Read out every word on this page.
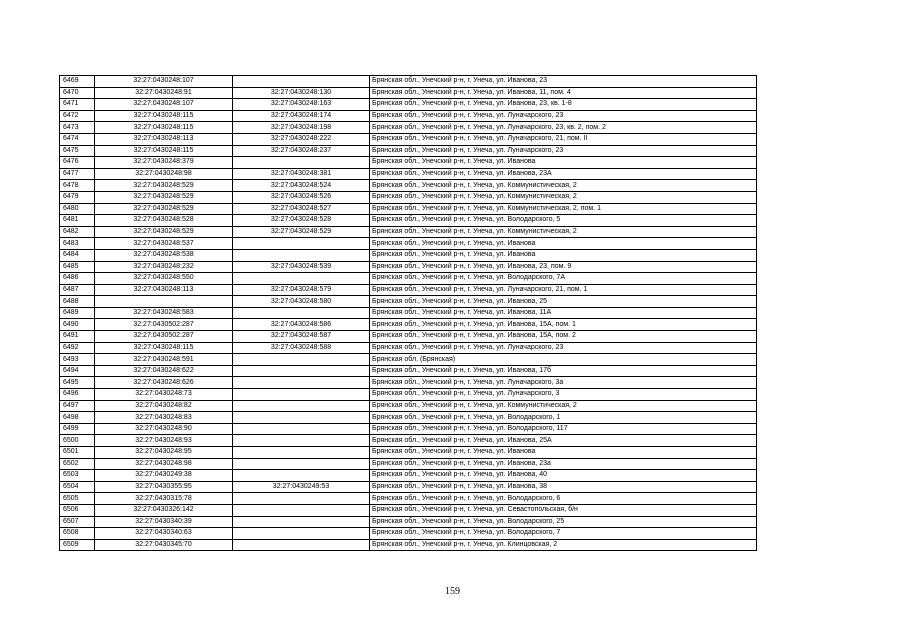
6469	32:27:0430248:107		Брянская обл., Унечский р-н, г. Унеча, ул. Иванова, 23
6470	32:27:0430248:91	32:27:0430248:130	Брянская обл., Унечский р-н, г. Унеча, ул. Иванова, 11, пом. 4
6471	32:27:0430248:107	32:27:0430248:163	Брянская обл., Унечский р-н, г. Унеча, ул. Иванова, 23, кв. 1-8
6472	32:27:0430248:115	32:27:0430248:174	Брянская обл., Унечский р-н, г. Унеча, ул. Луначарского, 23
6473	32:27:0430248:115	32:27:0430248:198	Брянская обл., Унечский р-н, г. Унеча, ул. Луначарского, 23, кв. 2, пом. 2
6474	32:27:0430248:113	32:27:0430248:222	Брянская обл., Унечский р-н, г. Унеча, ул. Луначарского, 21, пом. II
6475	32:27:0430248:115	32:27:0430248:237	Брянская обл., Унечский р-н, г. Унеча, ул. Луначарского, 23
6476	32:27:0430248:379		Брянская обл., Унечский р-н, г. Унеча, ул. Иванова
6477	32:27:0430248:98	32:27:0430248:381	Брянская обл., Унечский р-н, г. Унеча, ул. Иванова, 23А
6478	32:27:0430248:529	32:27:0430248:524	Брянская обл., Унечский р-н, г. Унеча, ул. Коммунистическая, 2
6479	32:27:0430248:529	32:27:0430248:526	Брянская обл., Унечский р-н, г. Унеча, ул. Коммунистическая, 2
6480	32:27:0430248:529	32:27:0430248:527	Брянская обл., Унечский р-н, г. Унеча, ул. Коммунистическая, 2, пом. 1
6481	32:27:0430248:528	32:27:0430248:528	Брянская обл., Унечский р-н, г. Унеча, ул. Володарского, 5
6482	32:27:0430248:529	32:27:0430248:529	Брянская обл., Унечский р-н, г. Унеча, ул. Коммунистическая, 2
6483	32:27:0430248:537		Брянская обл., Унечский р-н, г. Унеча, ул. Иванова
6484	32:27:0430248:538		Брянская обл., Унечский р-н, г. Унеча, ул. Иванова
6485	32:27:0430248:232	32:27:0430248:539	Брянская обл., Унечский р-н, г. Унеча, ул. Иванова, 23, пом. 9
6486	32:27:0430248:550		Брянская обл., Унечский р-н, г. Унеча, ул. Володарского, 7А
6487	32:27:0430248:113	32:27:0430248:579	Брянская обл., Унечский р-н, г. Унеча, ул. Луначарского, 21, пом. 1
6488		32:27:0430248:580	Брянская обл., Унечский р-н, г. Унеча, ул. Иванова, 25
6489	32:27:0430248:583		Брянская обл., Унечский р-н, г. Унеча, ул. Иванова, 11А
6490	32:27:0430502:287	32:27:0430248:586	Брянская обл., Унечский р-н, г. Унеча, ул. Иванова, 15А, пом. 1
6491	32:27:0430502:287	32:27:0430248:587	Брянская обл., Унечский р-н, г. Унеча, ул. Иванова, 15А, пом. 2
6492	32:27:0430248:115	32:27:0430248:588	Брянская обл., Унечский р-н, г. Унеча, ул. Луначарского, 23
6493	32:27:0430248:591		Брянская обл. (Брянская)
6494	32:27:0430248:622		Брянская обл., Унечский р-н, г. Унеча, ул. Иванова, 17б
6495	32:27:0430248:626		Брянская обл., Унечский р-н, г. Унеча, ул. Луначарского, 3а
6496	32:27:0430248:73		Брянская обл., Унечский р-н, г. Унеча, ул. Луначарского, 3
6497	32:27:0430248:82		Брянская обл., Унечский р-н, г. Унеча, ул. Коммунистическая, 2
6498	32:27:0430248:83		Брянская обл., Унечский р-н, г. Унеча, ул. Володарского, 1
6499	32:27:0430248:90		Брянская обл., Унечский р-н, г. Унеча, ул. Володарского, 117
6500	32:27:0430248:93		Брянская обл., Унечский р-н, г. Унеча, ул. Иванова, 25А
6501	32:27:0430248:95		Брянская обл., Унечский р-н, г. Унеча, ул. Иванова
6502	32:27:0430248:98		Брянская обл., Унечский р-н, г. Унеча, ул. Иванова, 23а
6503	32:27:0430249:38		Брянская обл., Унечский р-н, г. Унеча, ул. Иванова, 40
6504	32:27:0430355:95	32:27:0430249:53	Брянская обл., Унечский р-н, г. Унеча, ул. Иванова, 38
6505	32:27:0430315:78		Брянская обл., Унечский р-н, г. Унеча, ул. Володарского, 6
6506	32:27:0430326:142		Брянская обл., Унечский р-н, г. Унеча, ул. Севастопольская, б/н
6507	32:27:0430340:39		Брянская обл., Унечский р-н, г. Унеча, ул. Володарского, 25
6508	32:27:0430340:63		Брянская обл., Унечский р-н, г. Унеча, ул. Володарского, 7
6509	32:27:0430345:70		Брянская обл., Унечский р-н, г. Унеча, ул. Клинцовская, 2
159
